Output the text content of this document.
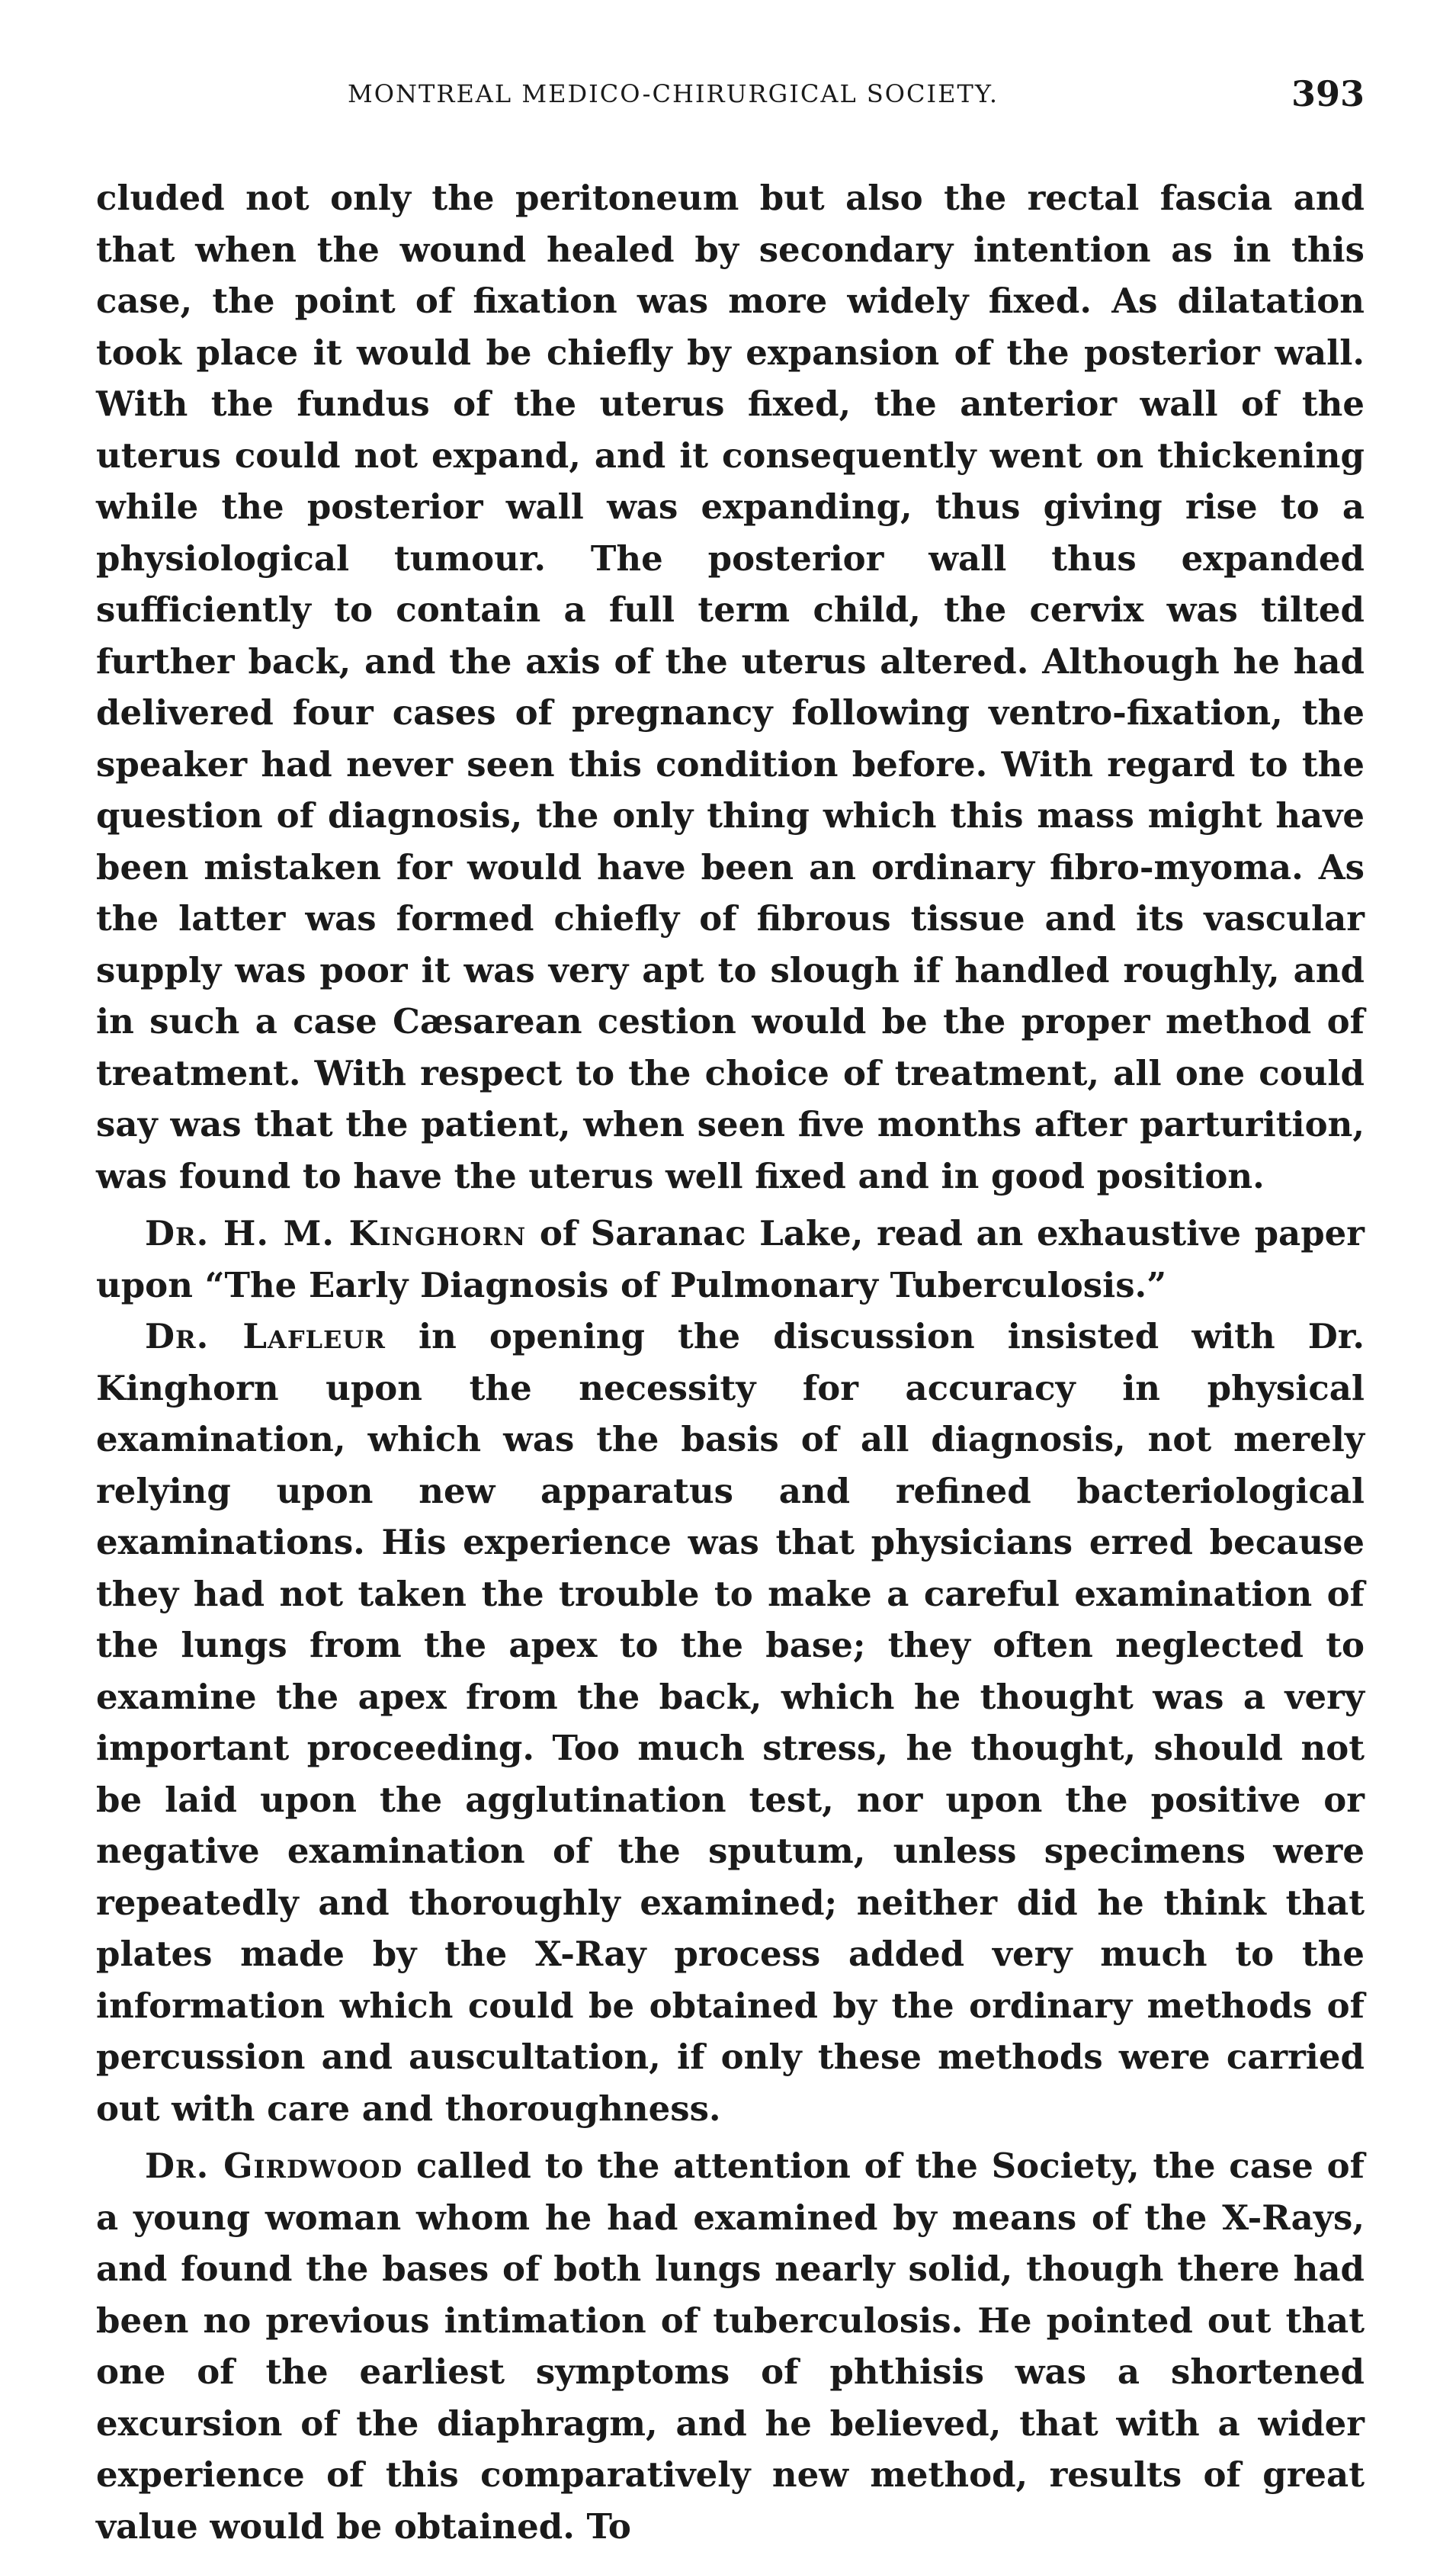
MONTREAL MEDICO-CHIRURGICAL SOCIETY.	393

cluded not only the peritoneum but also the rectal fascia and that when the wound healed by secondary intention as in this case, the point of fixation was more widely fixed. As dilatation took place it would be chiefly by expansion of the posterior wall. With the fundus of the uterus fixed, the anterior wall of the uterus could not expand, and it consequently went on thickening while the posterior wall was expanding, thus giving rise to a physiological tumour. The posterior wall thus expanded sufficiently to contain a full term child, the cervix was tilted further back, and the axis of the uterus altered. Although he had delivered four cases of pregnancy following ventro-fixation, the speaker had never seen this condition before. With regard to the question of diagnosis, the only thing which this mass might have been mistaken for would have been an ordinary fibro-myoma. As the latter was formed chiefly of fibrous tissue and its vascular supply was poor it was very apt to slough if handled roughly, and in such a case Cæsarean cestion would be the proper method of treatment. With respect to the choice of treatment, all one could say was that the patient, when seen five months after parturition, was found to have the uterus well fixed and in good position.

Dr. H. M. Kinghorn of Saranac Lake, read an exhaustive paper upon “The Early Diagnosis of Pulmonary Tuberculosis.”

Dr. Lafleur in opening the discussion insisted with Dr. Kinghorn upon the necessity for accuracy in physical examination, which was the basis of all diagnosis, not merely relying upon new apparatus and refined bacteriological examinations. His experience was that physicians erred because they had not taken the trouble to make a careful examination of the lungs from the apex to the base; they often neglected to examine the apex from the back, which he thought was a very important proceeding. Too much stress, he thought, should not be laid upon the agglutination test, nor upon the positive or negative examination of the sputum, unless specimens were repeatedly and thoroughly examined; neither did he think that plates made by the X-Ray process added very much to the information which could be obtained by the ordinary methods of percussion and auscultation, if only these methods were carried out with care and thoroughness.

Dr. Girdwood called to the attention of the Society, the case of a young woman whom he had examined by means of the X-Rays, and found the bases of both lungs nearly solid, though there had been no previous intimation of tuberculosis. He pointed out that one of the earliest symptoms of phthisis was a shortened excursion of the diaphragm, and he believed, that with a wider experience of this comparatively new method, results of great value would be obtained. To
